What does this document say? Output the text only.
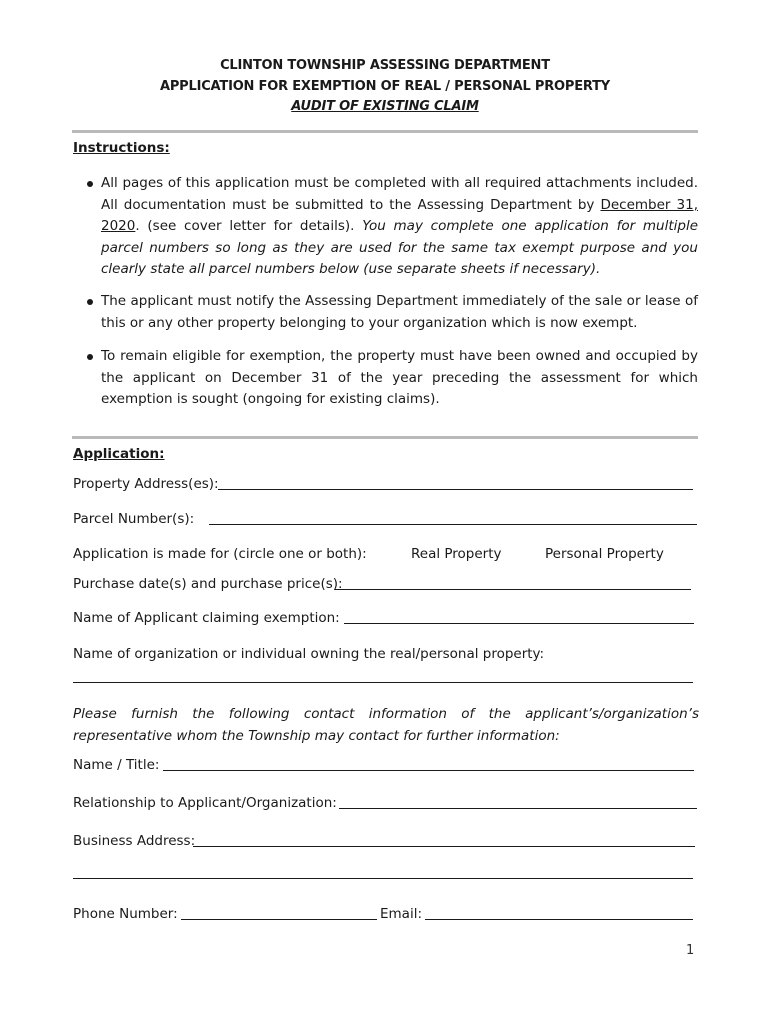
CLINTON TOWNSHIP ASSESSING DEPARTMENT
APPLICATION FOR EXEMPTION OF REAL / PERSONAL PROPERTY
AUDIT OF EXISTING CLAIM
Instructions:
All pages of this application must be completed with all required attachments included. All documentation must be submitted to the Assessing Department by December 31, 2020. (see cover letter for details). You may complete one application for multiple parcel numbers so long as they are used for the same tax exempt purpose and you clearly state all parcel numbers below (use separate sheets if necessary).
The applicant must notify the Assessing Department immediately of the sale or lease of this or any other property belonging to your organization which is now exempt.
To remain eligible for exemption, the property must have been owned and occupied by the applicant on December 31 of the year preceding the assessment for which exemption is sought (ongoing for existing claims).
Application:
Property Address(es):
Parcel Number(s):
Application is made for (circle one or both):	Real Property	Personal Property
Purchase date(s) and purchase price(s):
Name of Applicant claiming exemption:
Name of organization or individual owning the real/personal property:
Please furnish the following contact information of the applicant’s/organization’s representative whom the Township may contact for further information:
Name / Title:
Relationship to Applicant/Organization:
Business Address:
Phone Number:	Email:
1
